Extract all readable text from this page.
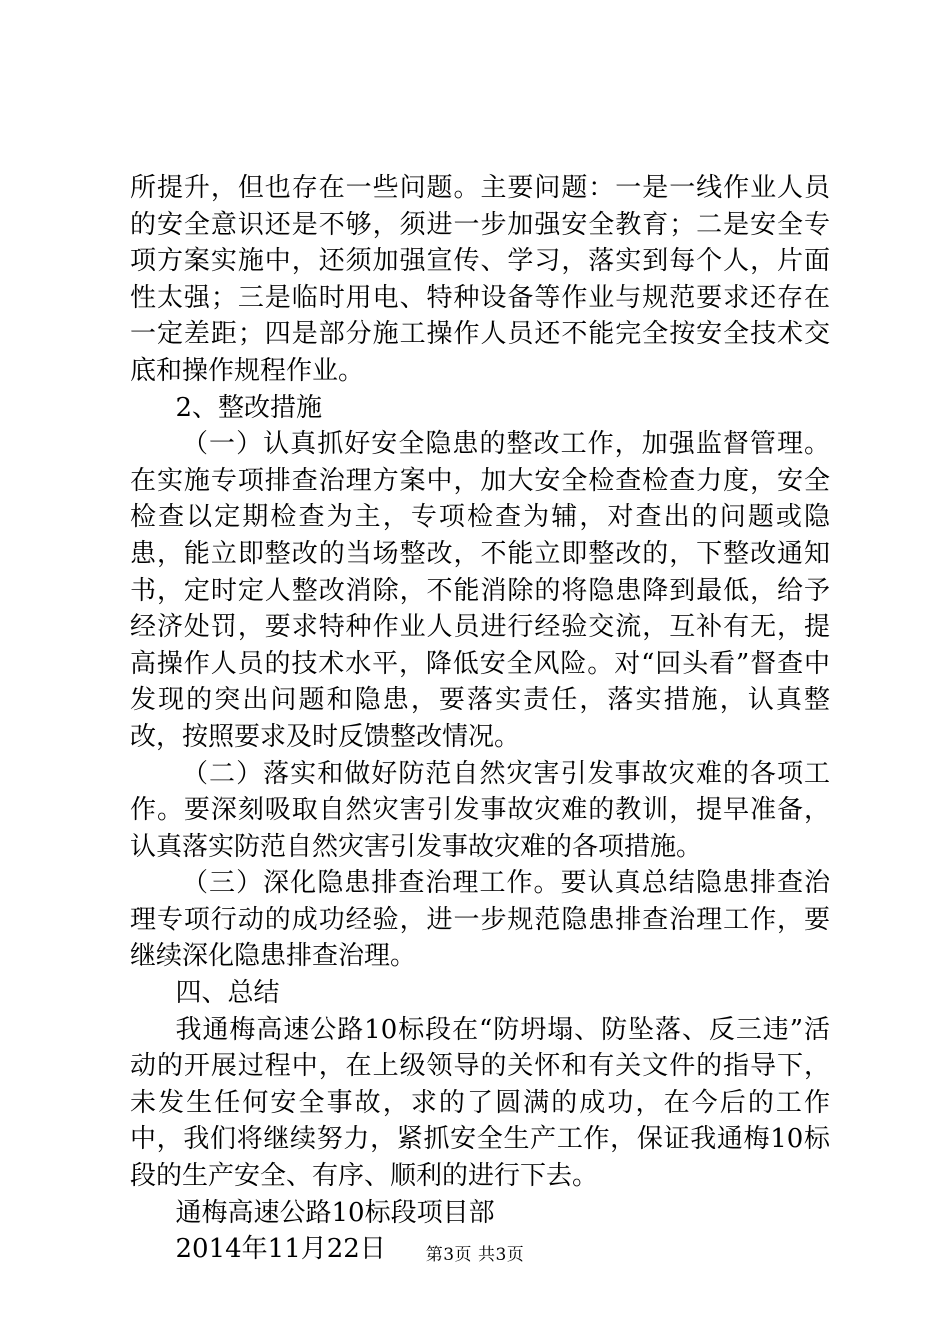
所提升，但也存在一些问题。主要问题：一是一线作业人员的安全意识还是不够，须进一步加强安全教育；二是安全专项方案实施中，还须加强宣传、学习，落实到每个人，片面性太强；三是临时用电、特种设备等作业与规范要求还存在一定差距；四是部分施工操作人员还不能完全按安全技术交底和操作规程作业。

2、整改措施

（一）认真抓好安全隐患的整改工作，加强监督管理。在实施专项排查治理方案中，加大安全检查检查力度，安全检查以定期检查为主，专项检查为辅，对查出的问题或隐患，能立即整改的当场整改，不能立即整改的，下整改通知书，定时定人整改消除，不能消除的将隐患降到最低，给予经济处罚，要求特种作业人员进行经验交流，互补有无，提高操作人员的技术水平，降低安全风险。对“回头看”督查中发现的突出问题和隐患，要落实责任，落实措施，认真整改，按照要求及时反馈整改情况。

（二）落实和做好防范自然灾害引发事故灾难的各项工作。要深刻吸取自然灾害引发事故灾难的教训，提早准备，认真落实防范自然灾害引发事故灾难的各项措施。

（三）深化隐患排查治理工作。要认真总结隐患排查治理专项行动的成功经验，进一步规范隐患排查治理工作，要继续深化隐患排查治理。

四、总结

我通梅高速公路10标段在“防坍塌、防坠落、反三违”活动的开展过程中，在上级领导的关怀和有关文件的指导下，未发生任何安全事故，求的了圆满的成功，在今后的工作中，我们将继续努力，紧抓安全生产工作，保证我通梅10标段的生产安全、有序、顺利的进行下去。

通梅高速公路10标段项目部

2014年11月22日	第3页 共3页
